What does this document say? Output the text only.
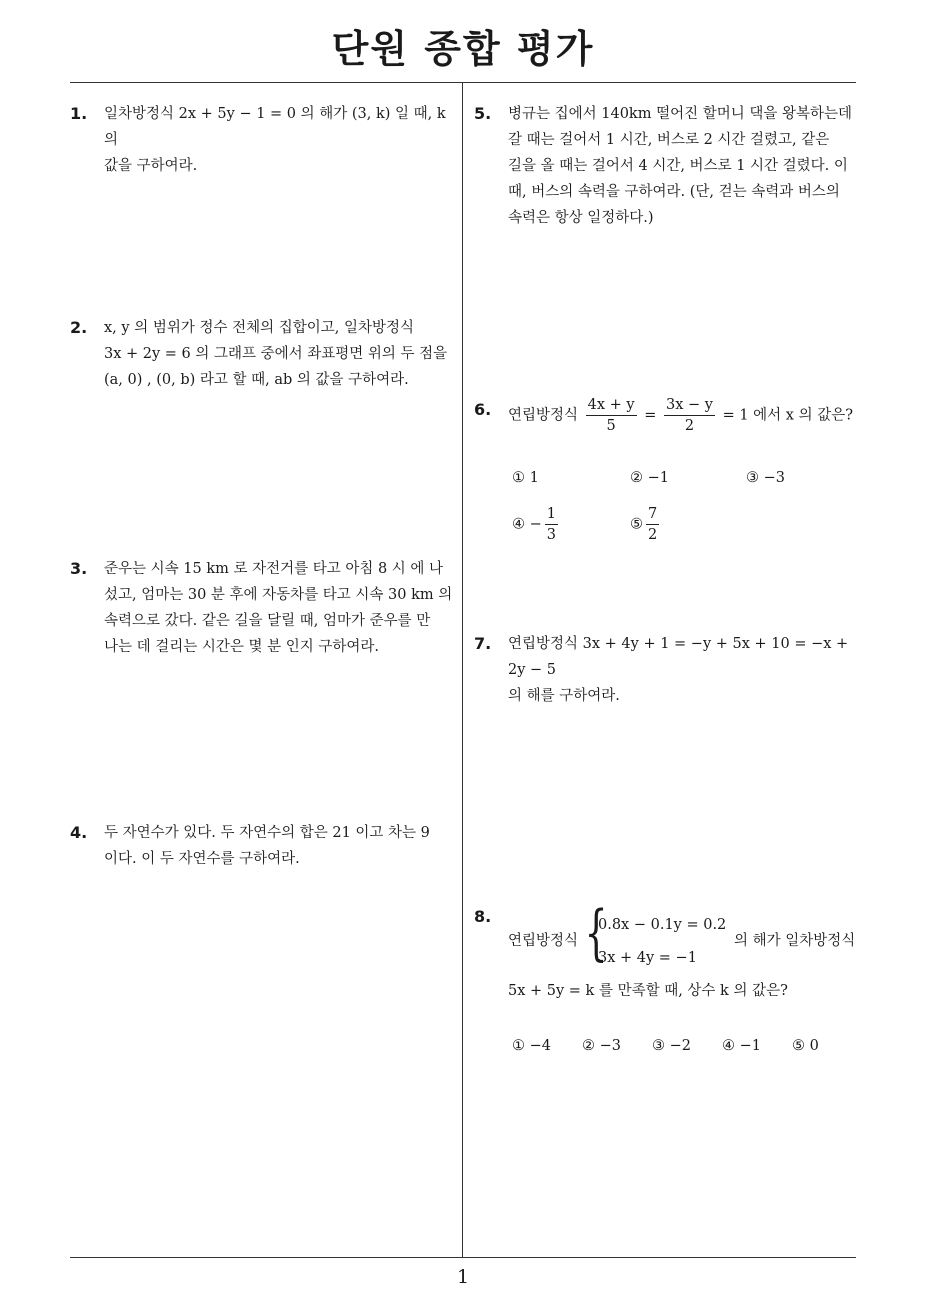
단원 종합 평가
1
1. 일차방정식 2x + 5y − 1 = 0 의 해가 (3, k) 일 때, k 의

값을 구하여라.

2. x, y 의 범위가 정수 전체의 집합이고, 일차방정식

3x + 2y = 6 의 그래프 중에서 좌표평면 위의 두 점을

(a, 0) , (0, b) 라고 할 때, ab 의 값을 구하여라.

3. 준우는 시속 15 km 로 자전거를 타고 아침 8 시 에 나

섰고, 엄마는 30 분 후에 자동차를 타고 시속 30 km 의

속력으로 갔다. 같은 길을 달릴 때, 엄마가 준우를 만

나는 데 걸리는 시간은 몇 분 인지 구하여라.

4. 두 자연수가 있다. 두 자연수의 합은 21 이고 차는 9

이다. 이 두 자연수를 구하여라.

5. 병규는 집에서 140km 떨어진 할머니 댁을 왕복하는데

갈 때는 걸어서 1 시간, 버스로 2 시간 걸렸고, 같은

길을 올 때는 걸어서 4 시간, 버스로 1 시간 걸렸다. 이

때, 버스의 속력을 구하여라. (단, 걷는 속력과 버스의

속력은 항상 일정하다.)

6. 연립방정식 $\frac{4x + y}{5} = \frac{3x - y}{2} = 1$ 에서 x 의 값은?
① 1	② −1	③ −3
④ − $\frac{1}{3}$	⑤ $\frac{7}{2}$
7. 연립방정식 3x + 4y + 1 = −y + 5x + 10 = −x + 2y − 5

의 해를 구하여라.

8.
연립방정식 {
0.8x − 0.1y = 0.2
3x + 4y = −1
의 해가 일차방정식
5x + 5y = k 를 만족할 때, 상수 k 의 값은?
① −4 ② −3 ③ −2 ④ −1 ⑤ 0
